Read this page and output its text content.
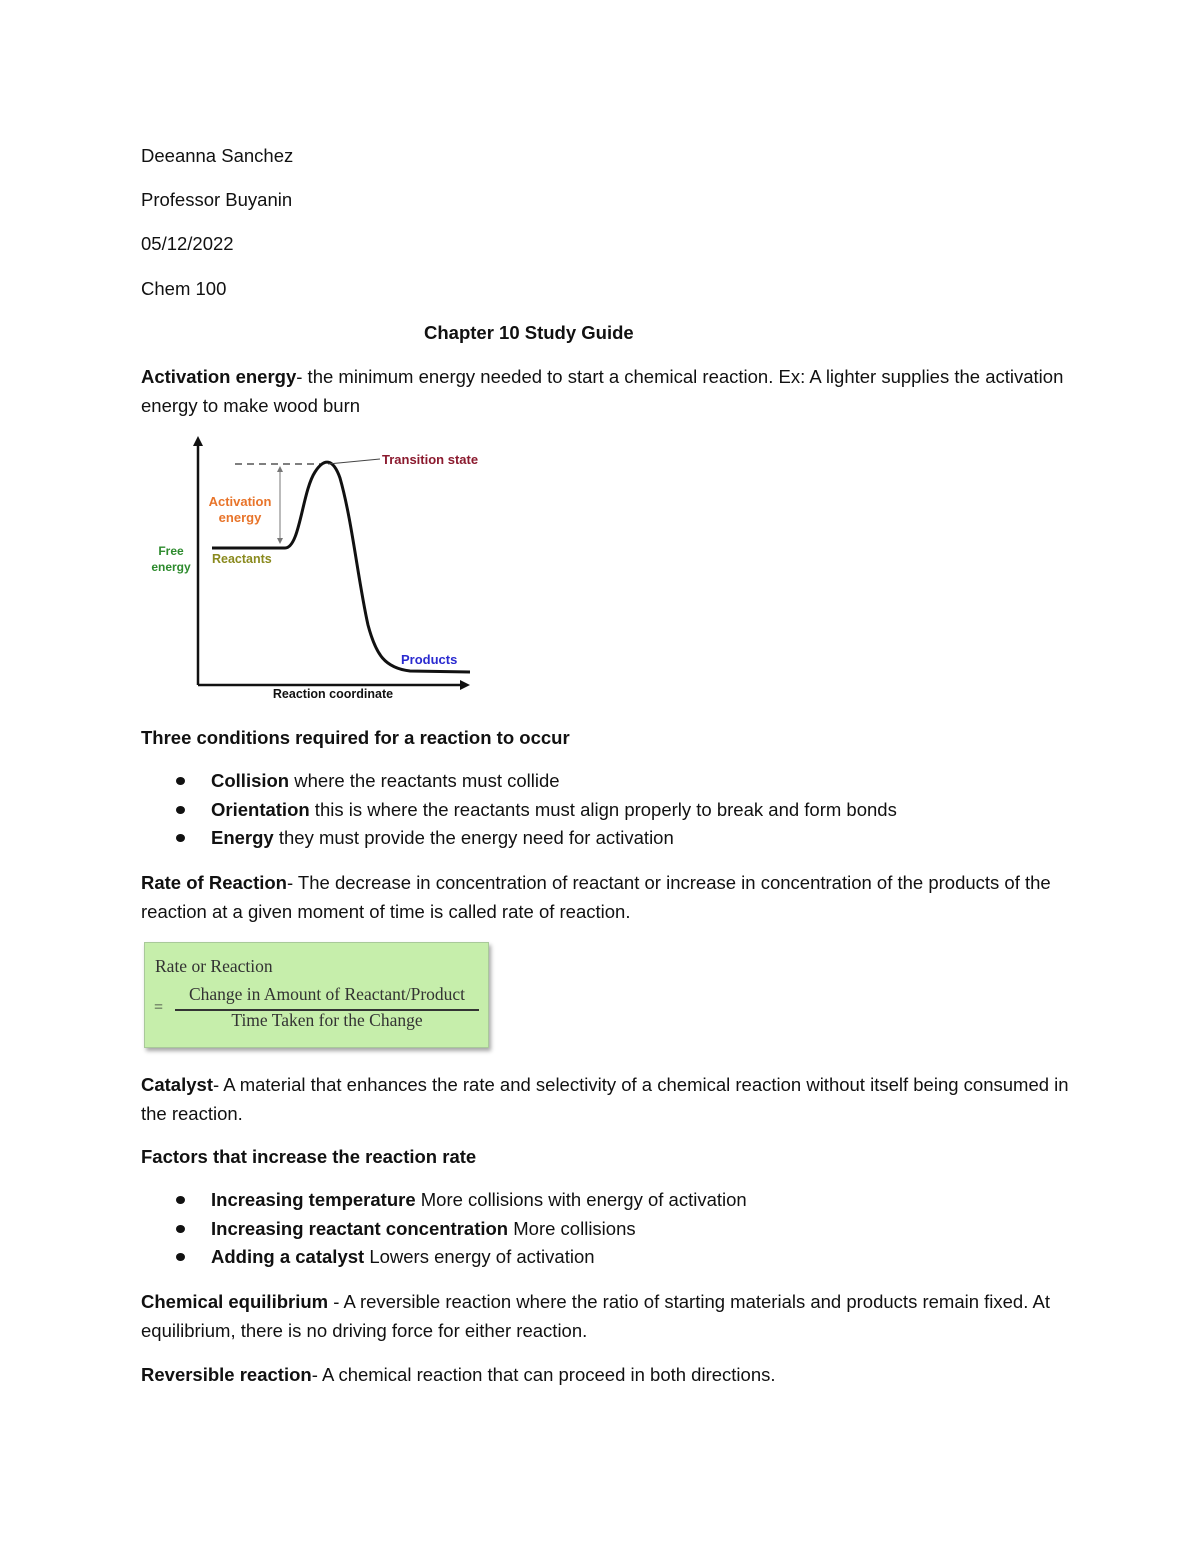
Deeanna Sanchez
Professor Buyanin
05/12/2022
Chem 100
Chapter 10 Study Guide
Activation energy- the minimum energy needed to start a chemical reaction. Ex: A lighter supplies the activation energy to make wood burn
Transition state
Activation
energy
Free
energy
Reactants
Products
Reaction coordinate
Three conditions required for a reaction to occur
Collision where the reactants must collide
Orientation this is where the reactants must align properly to break and form bonds
Energy they must provide the energy need for activation
Rate of Reaction- The decrease in concentration of reactant or increase in concentration of the products of the reaction at a given moment of time is called rate of reaction.
Rate or Reaction
=
Change in Amount of Reactant/Product
Time Taken for the Change
Catalyst- A material that enhances the rate and selectivity of a chemical reaction without itself being consumed in the reaction.
Factors that increase the reaction rate
Increasing temperature More collisions with energy of activation
Increasing reactant concentration More collisions
Adding a catalyst Lowers energy of activation
Chemical equilibrium - A reversible reaction where the ratio of starting materials and products remain fixed. At equilibrium, there is no driving force for either reaction.
Reversible reaction- A chemical reaction that can proceed in both directions.
